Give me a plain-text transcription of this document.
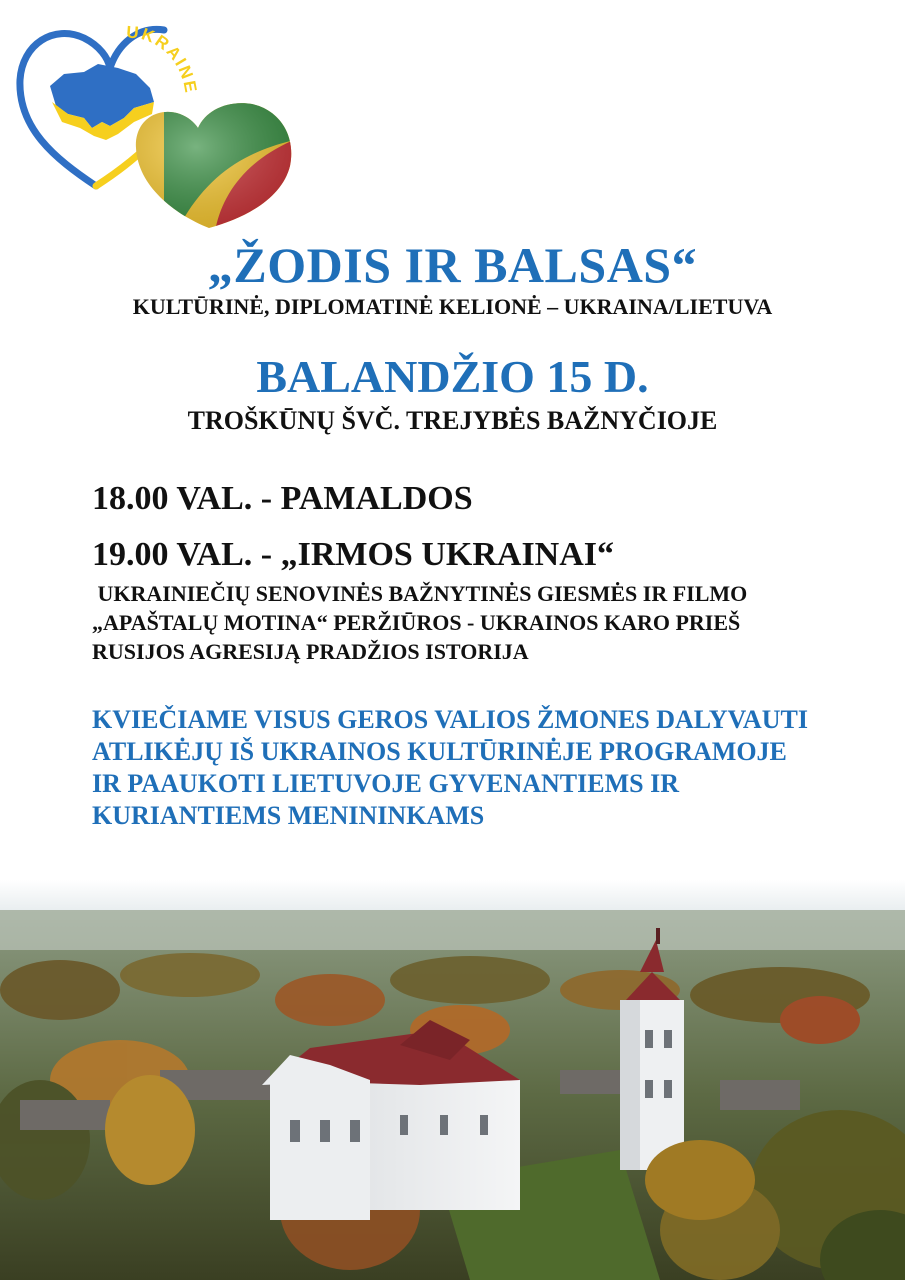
UKRAINE
„ŽODIS IR BALSAS“

KULTŪRINĖ, DIPLOMATINĖ KELIONĖ – UKRAINA/LIETUVA

BALANDŽIO 15 D.

TROŠKŪNŲ ŠVČ. TREJYBĖS BAŽNYČIOJE

18.00 VAL. - PAMALDOS

19.00 VAL. - „IRMOS UKRAINAI“

UKRAINIEČIŲ SENOVINĖS BAŽNYTINĖS GIESMĖS IR FILMO
„APAŠTALŲ MOTINA“ PERŽIŪROS - UKRAINOS KARO PRIEŠ
RUSIJOS AGRESIJĄ PRADŽIOS ISTORIJA
KVIEČIAME VISUS GEROS VALIOS ŽMONES DALYVAUTI
ATLIKĖJŲ IŠ UKRAINOS KULTŪRINĖJE PROGRAMOJE
IR PAAUKOTI LIETUVOJE GYVENANTIEMS IR
KURIANTIEMS MENININKAMS
